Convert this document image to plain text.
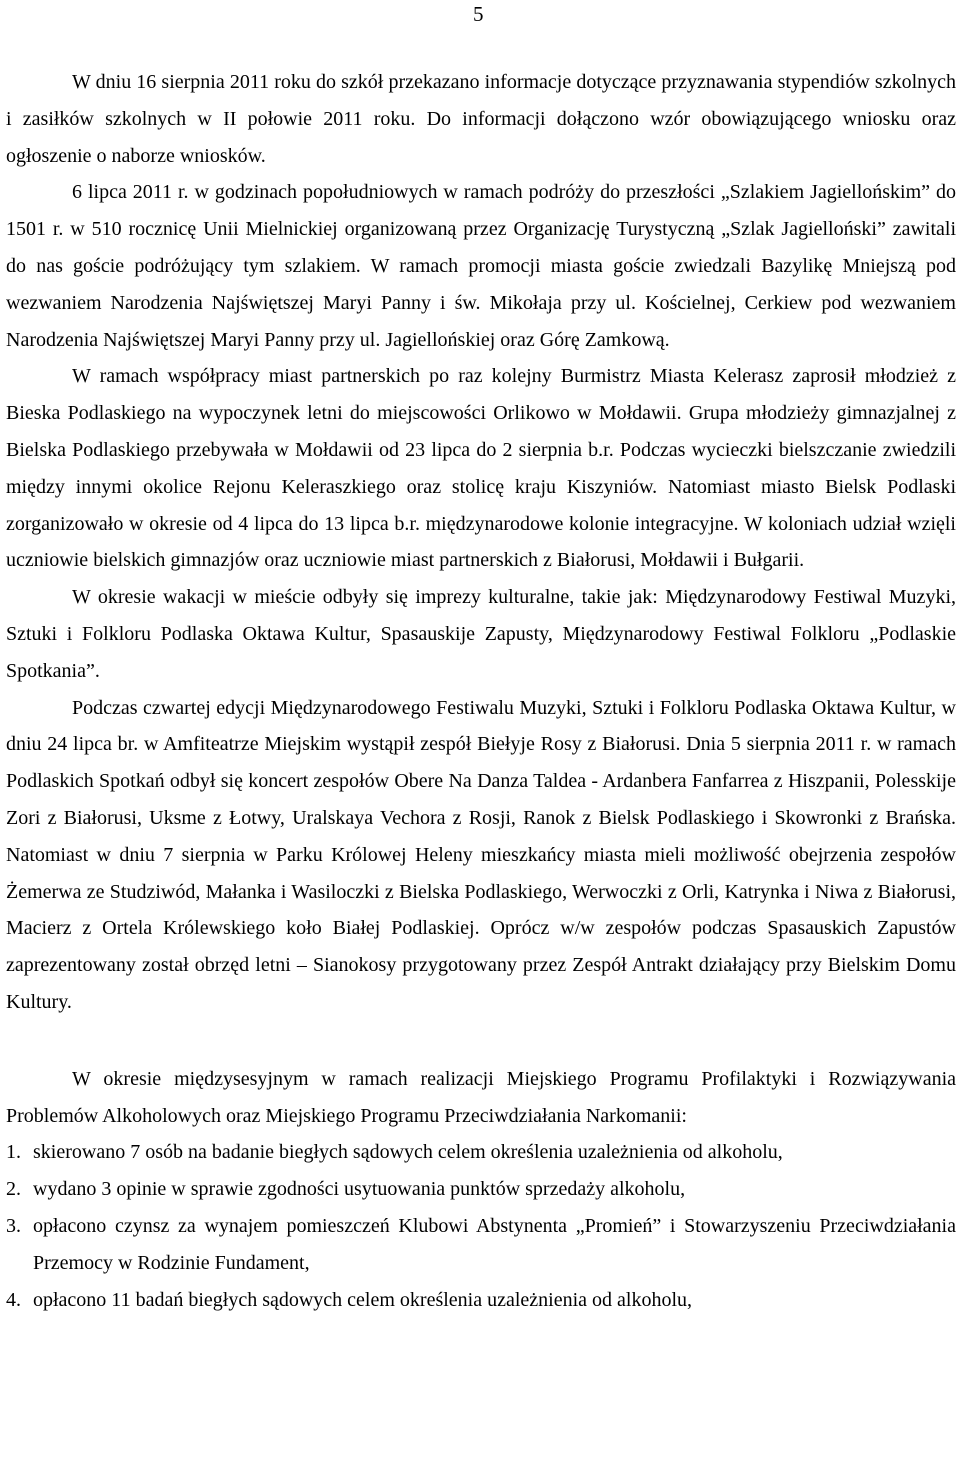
5

W dniu 16 sierpnia 2011 roku do szkół przekazano informacje dotyczące przyznawania stypendiów szkolnych i zasiłków szkolnych w II połowie 2011 roku. Do informacji dołączono wzór obowiązującego wniosku oraz ogłoszenie o naborze wniosków.

6 lipca 2011 r. w godzinach popołudniowych w ramach podróży do przeszłości „Szlakiem Jagiellońskim” do 1501 r. w 510 rocznicę Unii Mielnickiej organizowaną przez Organizację Turystyczną „Szlak Jagielloński” zawitali do nas goście podróżujący tym szlakiem. W ramach promocji miasta goście zwiedzali Bazylikę Mniejszą pod wezwaniem Narodzenia Najświętszej Maryi Panny i św. Mikołaja przy ul. Kościelnej, Cerkiew pod wezwaniem Narodzenia Najświętszej Maryi Panny przy ul. Jagiellońskiej oraz Górę Zamkową.

W ramach współpracy miast partnerskich po raz kolejny Burmistrz Miasta Kelerasz zaprosił młodzież z Bieska Podlaskiego na wypoczynek letni do miejscowości Orlikowo w Mołdawii. Grupa młodzieży gimnazjalnej z Bielska Podlaskiego przebywała w Mołdawii od 23 lipca do 2 sierpnia b.r. Podczas wycieczki bielszczanie zwiedzili między innymi okolice Rejonu Keleraszkiego oraz stolicę kraju Kiszyniów. Natomiast miasto Bielsk Podlaski zorganizowało w okresie od 4 lipca do 13 lipca b.r. międzynarodowe kolonie integracyjne. W koloniach udział wzięli uczniowie bielskich gimnazjów oraz uczniowie miast partnerskich z Białorusi, Mołdawii i Bułgarii.

W okresie wakacji w mieście odbyły się imprezy kulturalne, takie jak: Międzynarodowy Festiwal Muzyki, Sztuki i Folkloru Podlaska Oktawa Kultur, Spasauskije Zapusty, Międzynarodowy Festiwal Folkloru „Podlaskie Spotkania”.

Podczas czwartej edycji Międzynarodowego Festiwalu Muzyki, Sztuki i Folkloru Podlaska Oktawa Kultur, w dniu 24 lipca br. w Amfiteatrze Miejskim wystąpił zespół Biełyje Rosy z Białorusi. Dnia 5 sierpnia 2011 r. w ramach Podlaskich Spotkań odbył się koncert zespołów Obere Na Danza Taldea - Ardanbera Fanfarrea z Hiszpanii, Polesskije Zori z Białorusi, Uksme z Łotwy, Uralskaya Vechora z Rosji, Ranok z Bielsk Podlaskiego i Skowronki z Brańska. Natomiast w dniu 7 sierpnia w Parku Królowej Heleny mieszkańcy miasta mieli możliwość obejrzenia zespołów Żemerwa ze Studziwód, Małanka i Wasiloczki z Bielska Podlaskiego, Werwoczki z Orli, Katrynka i Niwa z Białorusi, Macierz z Ortela Królewskiego koło Białej Podlaskiej. Oprócz w/w zespołów podczas Spasauskich Zapustów zaprezentowany został obrzęd letni – Sianokosy przygotowany przez Zespół Antrakt działający przy Bielskim Domu Kultury.

W okresie międzysesyjnym w ramach realizacji Miejskiego Programu Profilaktyki i Rozwiązywania Problemów Alkoholowych oraz Miejskiego Programu Przeciwdziałania Narkomanii:

1. skierowano 7 osób na badanie biegłych sądowych celem określenia uzależnienia od alkoholu,
2. wydano 3 opinie w sprawie zgodności usytuowania punktów sprzedaży alkoholu,
3. opłacono czynsz za wynajem pomieszczeń Klubowi Abstynenta „Promień” i Stowarzyszeniu Przeciwdziałania Przemocy w Rodzinie Fundament,
4. opłacono 11 badań biegłych sądowych celem określenia uzależnienia od alkoholu,
